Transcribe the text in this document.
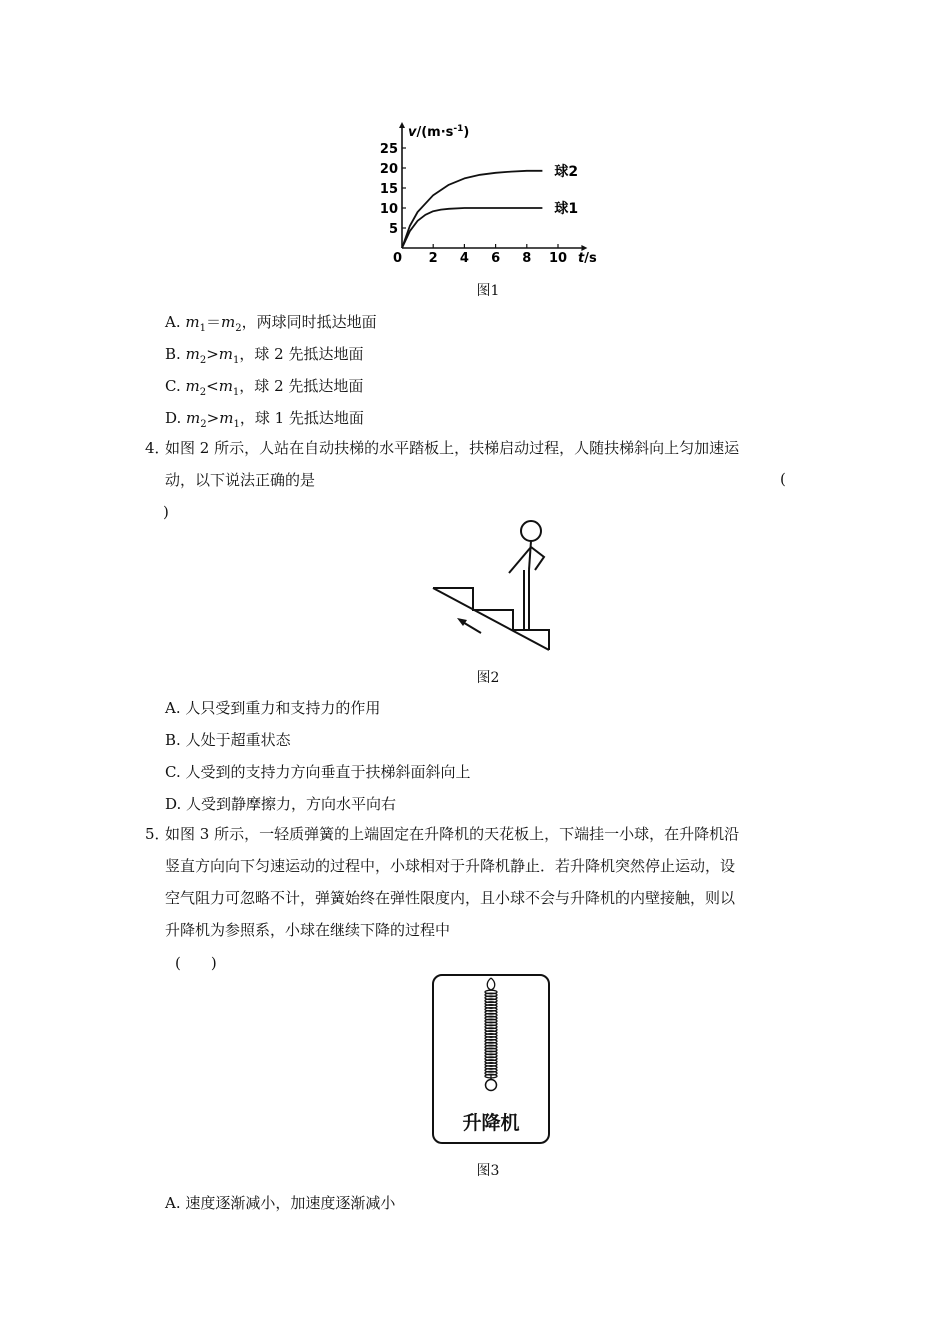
2 4 6 8 10
5
10
15
20
25
球2
球1
$v/(m\cdot s^{-1})$
t/s
0
图1
A. $m_1=m_2$，两球同时抵达地面
B. $m_2>m_1$，球 2 先抵达地面
C. $m_2<m_1$，球 2 先抵达地面
D. $m_2>m_1$，球 1 先抵达地面
4．
如图 2 所示，人站在自动扶梯的水平踏板上，扶梯启动过程，人随扶梯斜向上匀加速运
动，以下说法正确的是	(
)
图2
A. 人只受到重力和支持力的作用
B. 人处于超重状态
C. 人受到的支持力方向垂直于扶梯斜面斜向上
D. 人受到静摩擦力，方向水平向右
5．
如图 3 所示，一轻质弹簧的上端固定在升降机的天花板上，下端挂一小球，在升降机沿
竖直方向向下匀速运动的过程中，小球相对于升降机静止．若升降机突然停止运动，设
空气阻力可忽略不计，弹簧始终在弹性限度内，且小球不会与升降机的内壁接触，则以
升降机为参照系，小球在继续下降的过程中
(　　)
升降机
图3
A. 速度逐渐减小，加速度逐渐减小
